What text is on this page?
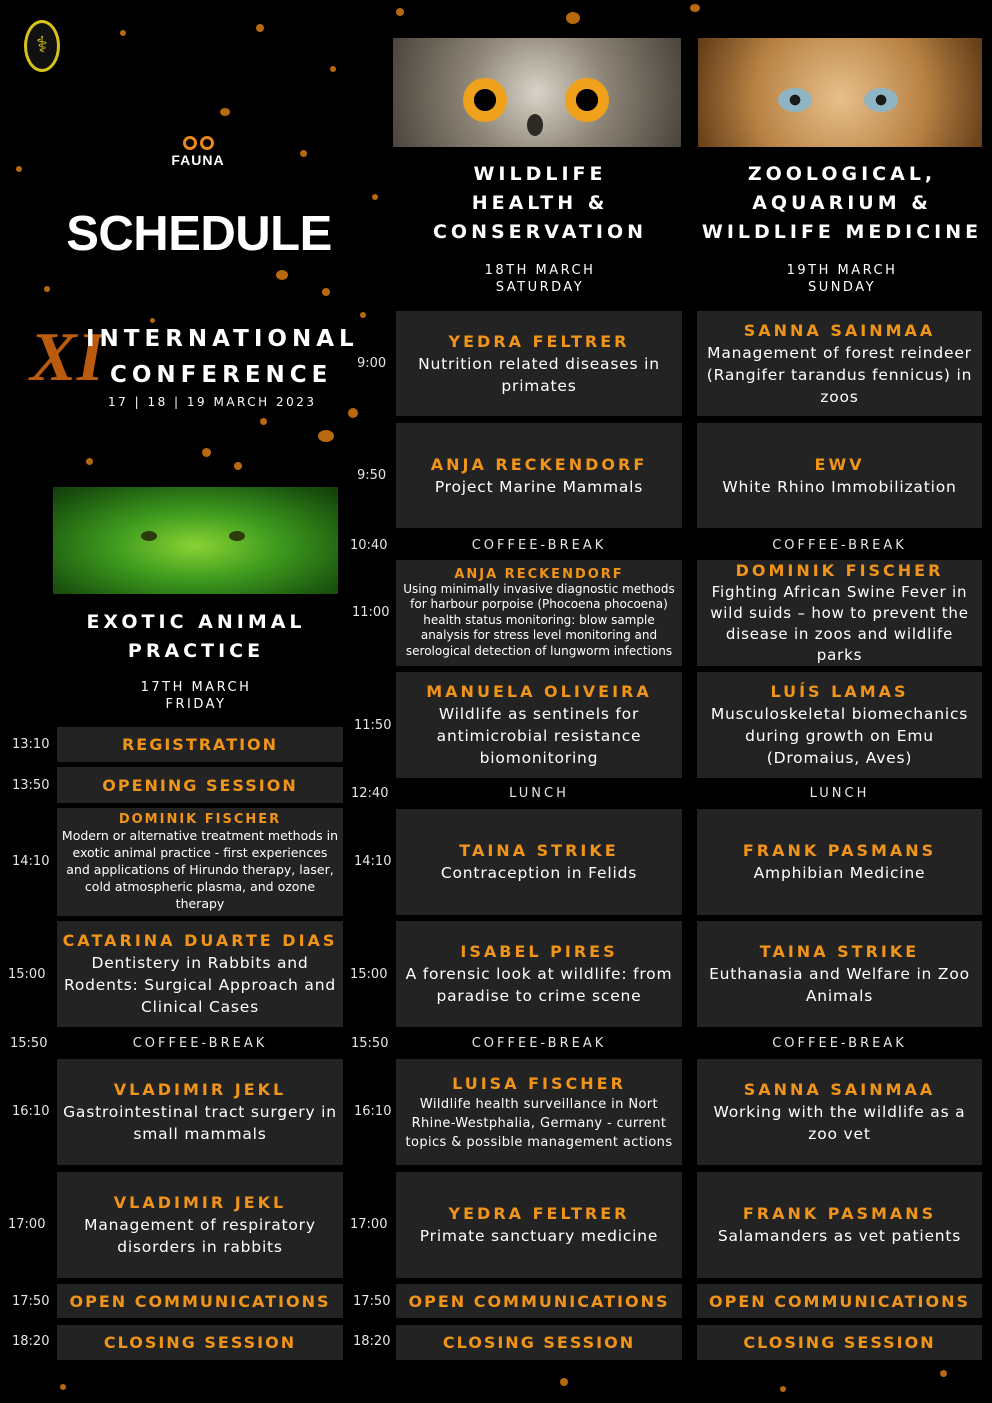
⚕
FAUNA
SCHEDULE
XI
INTERNATIONAL
CONFERENCE
17 | 18 | 19 MARCH 2023
WILDLIFE
HEALTH &
CONSERVATION
18TH MARCH
SATURDAY
ZOOLOGICAL,
AQUARIUM &
WILDLIFE MEDICINE
19TH MARCH
SUNDAY
EXOTIC ANIMAL
PRACTICE
17TH MARCH
FRIDAY
13:10
13:50
14:10
15:00
15:50
16:10
17:00
17:50
18:20
REGISTRATION
OPENING SESSION
DOMINIK FISCHER
Modern or alternative treatment methods in exotic animal practice - first experiences and applications of Hirundo therapy, laser, cold atmospheric plasma, and ozone therapy
CATARINA DUARTE DIAS
Dentistery in Rabbits and Rodents: Surgical Approach and Clinical Cases
COFFEE-BREAK
VLADIMIR JEKL
Gastrointestinal tract surgery in small mammals
VLADIMIR JEKL
Management of respiratory disorders in rabbits
OPEN COMMUNICATIONS
CLOSING SESSION
9:00
9:50
10:40
11:00
11:50
12:40
14:10
15:00
15:50
16:10
17:00
17:50
18:20
YEDRA FELTRER
Nutrition related diseases in primates
ANJA RECKENDORF
Project Marine Mammals
COFFEE-BREAK
ANJA RECKENDORF
Using minimally invasive diagnostic methods for harbour porpoise (Phocoena phocoena) health status monitoring: blow sample analysis for stress level monitoring and serological detection of lungworm infections
MANUELA OLIVEIRA
Wildlife as sentinels for antimicrobial resistance biomonitoring
LUNCH
TAINA STRIKE
Contraception in Felids
ISABEL PIRES
A forensic look at wildlife: from paradise to crime scene
COFFEE-BREAK
LUISA FISCHER
Wildlife health surveillance in Nort Rhine-Westphalia, Germany - current topics & possible management actions
YEDRA FELTRER
Primate sanctuary medicine
OPEN COMMUNICATIONS
CLOSING SESSION
SANNA SAINMAA
Management of forest reindeer (Rangifer tarandus fennicus) in zoos
EWV
White Rhino Immobilization
COFFEE-BREAK
DOMINIK FISCHER
Fighting African Swine Fever in wild suids – how to prevent the disease in zoos and wildlife parks
LUÍS LAMAS
Musculoskeletal biomechanics during growth on Emu (Dromaius, Aves)
LUNCH
FRANK PASMANS
Amphibian Medicine
TAINA STRIKE
Euthanasia and Welfare in Zoo Animals
COFFEE-BREAK
SANNA SAINMAA
Working with the wildlife as a zoo vet
FRANK PASMANS
Salamanders as vet patients
OPEN COMMUNICATIONS
CLOSING SESSION
